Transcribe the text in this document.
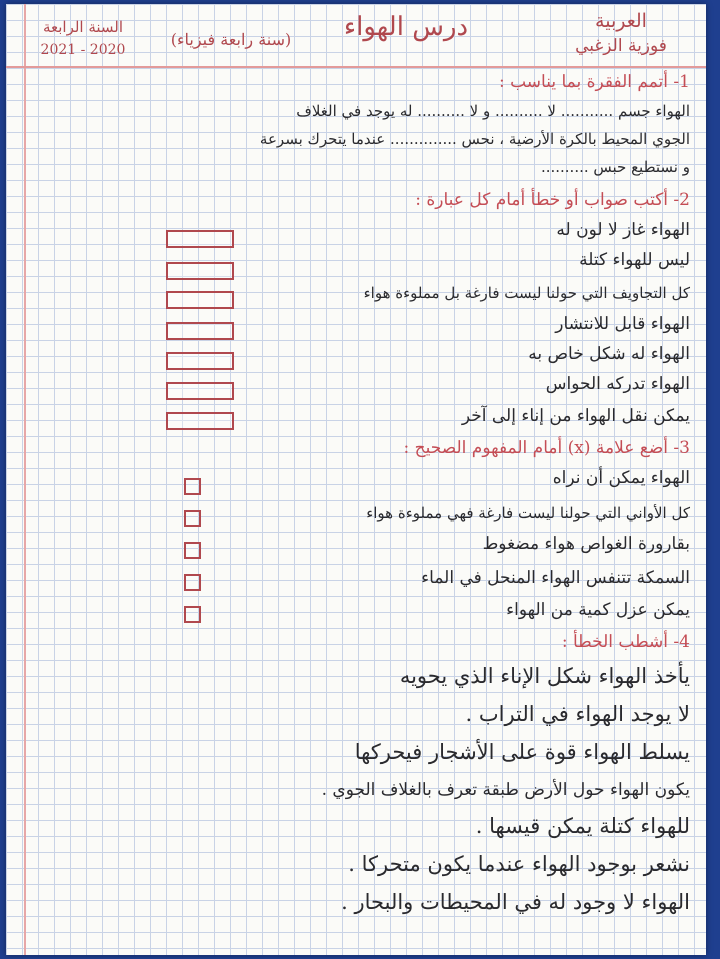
السنة الرابعة
2021 - 2020
درس الهواء
(سنة رابعة فيزياء)
العربية
فوزية الزغبي
1- أتمم الفقرة بما يناسب :
الهواء جسم ........... لا .......... و لا .......... له يوجد في الغلاف
الجوي المحيط بالكرة الأرضية ، نحس .............. عندما يتحرك بسرعة
و نستطيع حبس ..........
2- أكتب صواب أو خطأ أمام كل عبارة :
الهواء غاز لا لون له
ليس للهواء كتلة
كل التجاويف التي حولنا ليست فارغة بل مملوءة هواء
الهواء قابل للانتشار
الهواء له شكل خاص به
الهواء تدركه الحواس
يمكن نقل الهواء من إناء إلى آخر
3- أضع علامة (x) أمام المفهوم الصحيح :
الهواء يمكن أن نراه
كل الأواني التي حولنا ليست فارغة فهي مملوءة هواء
بقارورة الغواص هواء مضغوط
السمكة تتنفس الهواء المنحل في الماء
يمكن عزل كمية من الهواء
4- أشطب الخطأ :
يأخذ الهواء شكل الإناء الذي يحويه
لا يوجد الهواء في التراب .
يسلط الهواء قوة على الأشجار فيحركها
يكون الهواء حول الأرض طبقة تعرف بالغلاف الجوي .
للهواء كتلة يمكن قيسها .
نشعر بوجود الهواء عندما يكون متحركا .
الهواء لا وجود له في المحيطات والبحار .
